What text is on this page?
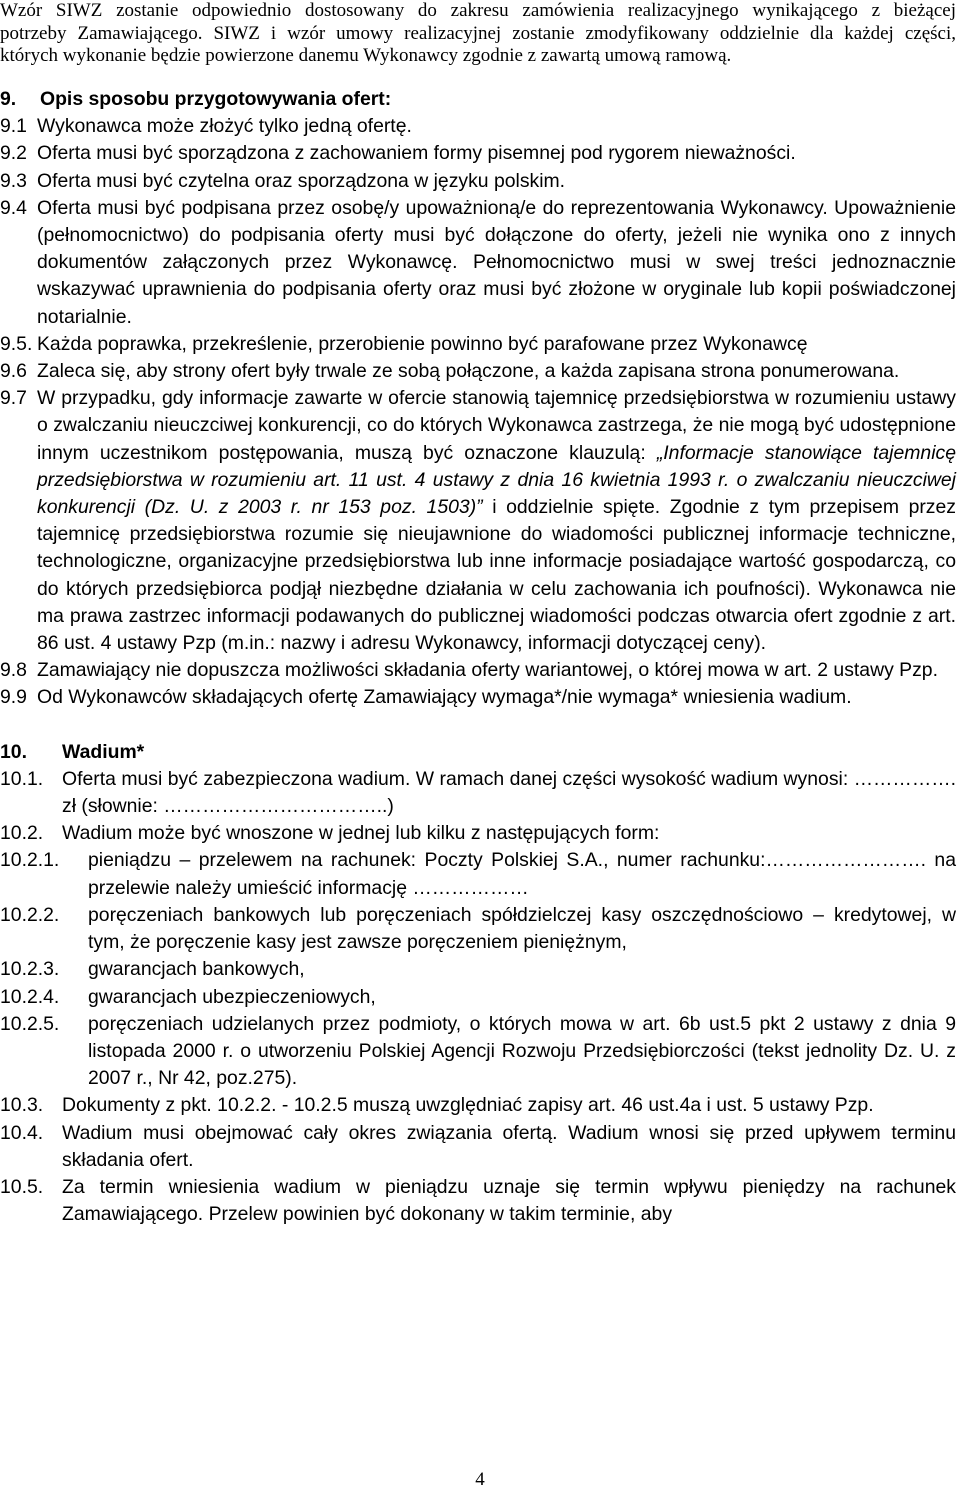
Wzór SIWZ zostanie odpowiednio dostosowany do zakresu zamówienia realizacyjnego wynikającego z bieżącej
potrzeby Zamawiającego. SIWZ i wzór umowy realizacyjnej zostanie zmodyfikowany oddzielnie dla każdej części,
których wykonanie będzie powierzone danemu Wykonawcy zgodnie z zawartą umową ramową.
9.	Opis sposobu przygotowywania ofert:
9.1 Wykonawca może złożyć tylko jedną ofertę.
9.2 Oferta musi być sporządzona z zachowaniem formy pisemnej pod rygorem nieważności.
9.3 Oferta musi być czytelna oraz sporządzona w języku polskim.
9.4 Oferta musi być podpisana przez osobę/y upoważnioną/e do reprezentowania Wykonawcy. Upoważnienie (pełnomocnictwo) do podpisania oferty musi być dołączone do oferty, jeżeli nie wynika ono z innych dokumentów załączonych przez Wykonawcę. Pełnomocnictwo musi w swej treści jednoznacznie wskazywać uprawnienia do podpisania oferty oraz musi być złożone w oryginale lub kopii poświadczonej notarialnie.
9.5. Każda poprawka, przekreślenie, przerobienie powinno być parafowane przez Wykonawcę
9.6 Zaleca się, aby strony ofert były trwale ze sobą połączone, a każda zapisana strona ponumerowana.
9.7 W przypadku, gdy informacje zawarte w ofercie stanowią tajemnicę przedsiębiorstwa w rozumieniu ustawy o zwalczaniu nieuczciwej konkurencji, co do których Wykonawca zastrzega, że nie mogą być udostępnione innym uczestnikom postępowania, muszą być oznaczone klauzulą: „Informacje stanowiące tajemnicę przedsiębiorstwa w rozumieniu art. 11 ust. 4 ustawy z dnia 16 kwietnia 1993 r. o zwalczaniu nieuczciwej konkurencji (Dz. U. z 2003 r. nr 153 poz. 1503)” i oddzielnie spięte. Zgodnie z tym przepisem przez tajemnicę przedsiębiorstwa rozumie się nieujawnione do wiadomości publicznej informacje techniczne, technologiczne, organizacyjne przedsiębiorstwa lub inne informacje posiadające wartość gospodarczą, co do których przedsiębiorca podjął niezbędne działania w celu zachowania ich poufności). Wykonawca nie ma prawa zastrzec informacji podawanych do publicznej wiadomości podczas otwarcia ofert zgodnie z art. 86 ust. 4 ustawy Pzp (m.in.: nazwy i adresu Wykonawcy, informacji dotyczącej ceny).
9.8 Zamawiający nie dopuszcza możliwości składania oferty wariantowej, o której mowa w art. 2 ustawy Pzp.
9.9 Od Wykonawców składających ofertę Zamawiający wymaga*/nie wymaga* wniesienia wadium.
10.	Wadium*
10.1. Oferta musi być zabezpieczona wadium. W ramach danej części wysokość wadium wynosi: ……………. zł (słownie: ……………………………..)
10.2. Wadium może być wnoszone w jednej lub kilku z następujących form:
10.2.1.	pieniądzu – przelewem na rachunek: Poczty Polskiej S.A., numer rachunku:……………………. na przelewie należy umieścić informację ………………
10.2.2.	poręczeniach bankowych lub poręczeniach spółdzielczej kasy oszczędnościowo – kredytowej, w tym, że poręczenie kasy jest zawsze poręczeniem pieniężnym,
10.2.3.	gwarancjach bankowych,
10.2.4.	gwarancjach ubezpieczeniowych,
10.2.5.	poręczeniach udzielanych przez podmioty, o których mowa w art. 6b ust.5 pkt 2 ustawy z dnia 9 listopada 2000 r. o utworzeniu Polskiej Agencji Rozwoju Przedsiębiorczości (tekst jednolity Dz. U. z 2007 r., Nr 42, poz.275).
10.3. Dokumenty z pkt. 10.2.2. - 10.2.5 muszą uwzględniać zapisy art. 46 ust.4a i ust. 5 ustawy Pzp.
10.4. Wadium musi obejmować cały okres związania ofertą. Wadium wnosi się przed upływem terminu składania ofert.
10.5. Za termin wniesienia wadium w pieniądzu uznaje się termin wpływu pieniędzy na rachunek Zamawiającego. Przelew powinien być dokonany w takim terminie, aby
4
